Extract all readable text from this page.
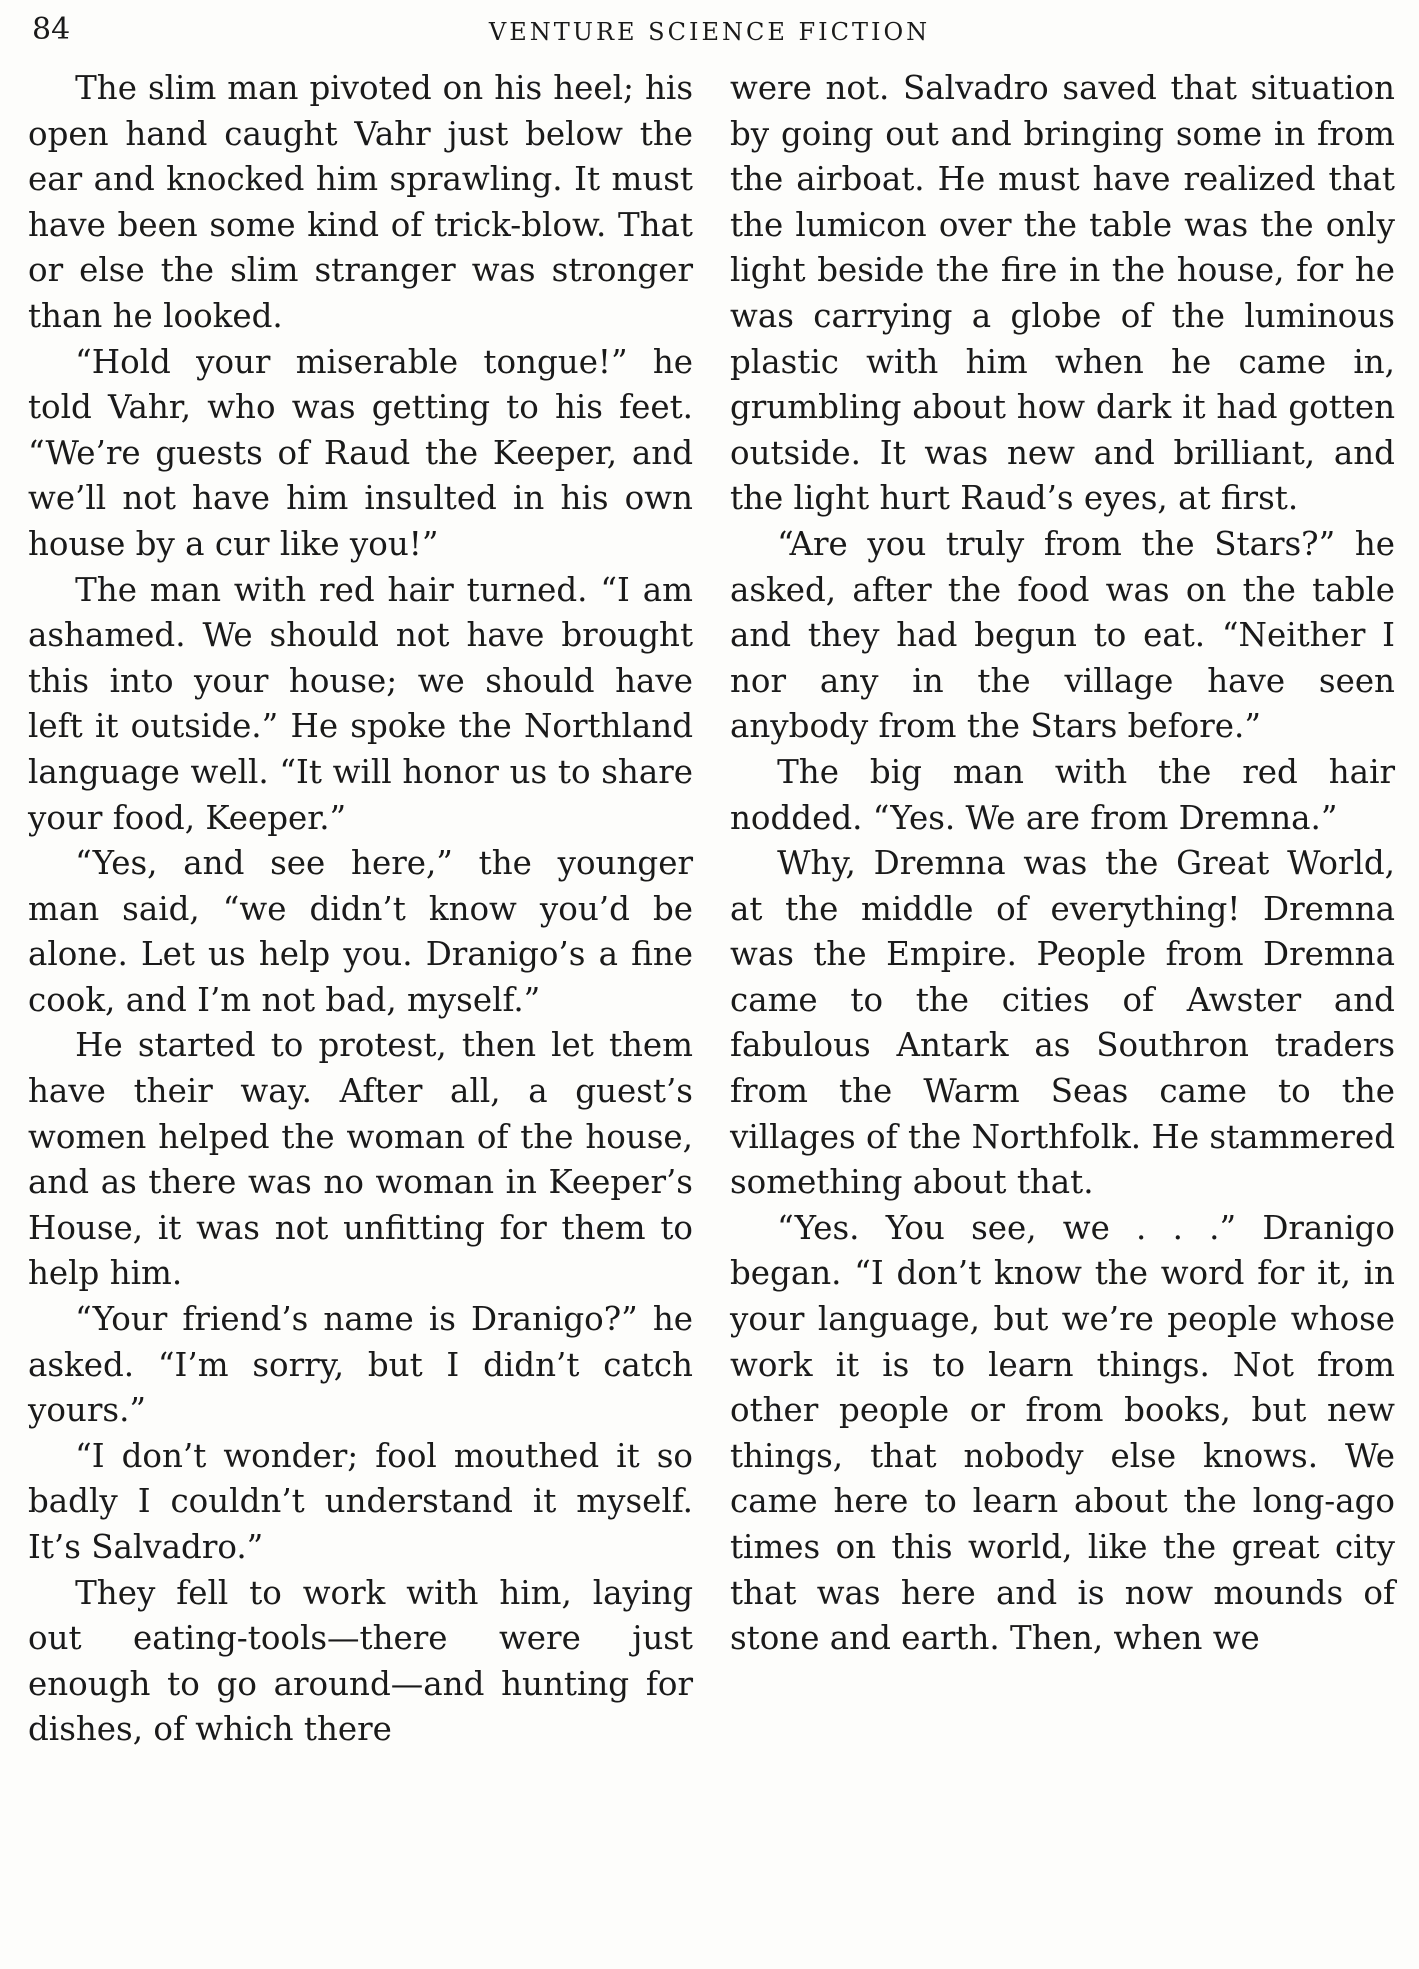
84	VENTURE SCIENCE FICTION

The slim man pivoted on his heel; his open hand caught Vahr just below the ear and knocked him sprawling. It must have been some kind of trick-blow. That or else the slim stranger was stronger than he looked.

“Hold your miserable tongue!” he told Vahr, who was getting to his feet. “We’re guests of Raud the Keeper, and we’ll not have him insulted in his own house by a cur like you!”

The man with red hair turned. “I am ashamed. We should not have brought this into your house; we should have left it outside.” He spoke the Northland language well. “It will honor us to share your food, Keeper.”

“Yes, and see here,” the younger man said, “we didn’t know you’d be alone. Let us help you. Dranigo’s a fine cook, and I’m not bad, myself.”

He started to protest, then let them have their way. After all, a guest’s women helped the woman of the house, and as there was no woman in Keeper’s House, it was not unfitting for them to help him.

“Your friend’s name is Dranigo?” he asked. “I’m sorry, but I didn’t catch yours.”

“I don’t wonder; fool mouthed it so badly I couldn’t understand it myself. It’s Salvadro.”

They fell to work with him, laying out eating-tools—there were just enough to go around—and hunting for dishes, of which there

were not. Salvadro saved that situation by going out and bringing some in from the airboat. He must have realized that the lumicon over the table was the only light beside the fire in the house, for he was carrying a globe of the luminous plastic with him when he came in, grumbling about how dark it had gotten outside. It was new and brilliant, and the light hurt Raud’s eyes, at first.

“Are you truly from the Stars?” he asked, after the food was on the table and they had begun to eat. “Neither I nor any in the village have seen anybody from the Stars before.”

The big man with the red hair nodded. “Yes. We are from Dremna.”

Why, Dremna was the Great World, at the middle of everything! Dremna was the Empire. People from Dremna came to the cities of Awster and fabulous Antark as Southron traders from the Warm Seas came to the villages of the Northfolk. He stammered something about that.

“Yes. You see, we . . .” Dranigo began. “I don’t know the word for it, in your language, but we’re people whose work it is to learn things. Not from other people or from books, but new things, that nobody else knows. We came here to learn about the long-ago times on this world, like the great city that was here and is now mounds of stone and earth. Then, when we
